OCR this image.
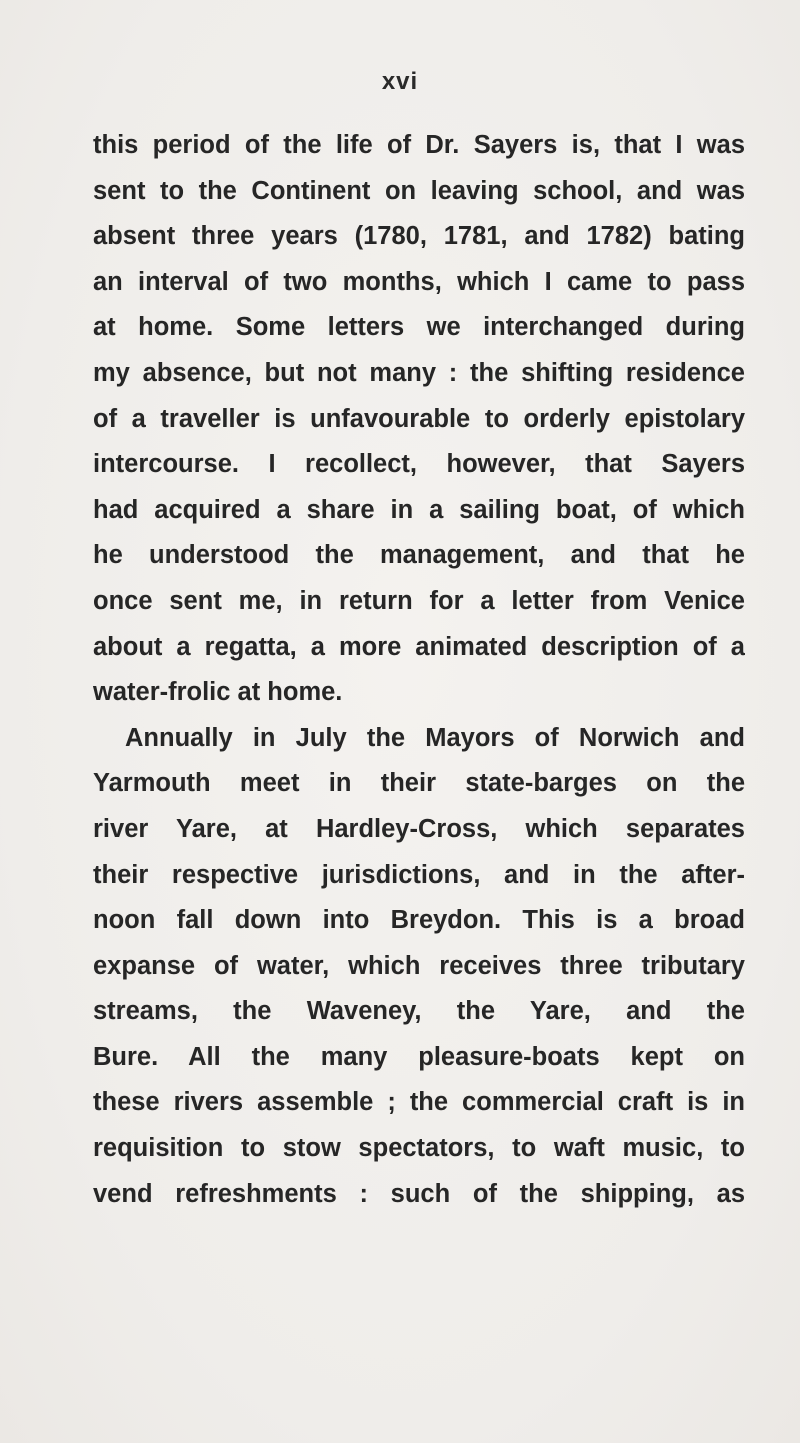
xvi
this period of the life of Dr. Sayers is, that I was
sent to the Continent on leaving school, and was
absent three years (1780, 1781, and 1782) bating
an interval of two months, which I came to pass
at home. Some letters we interchanged during
my absence, but not many : the shifting residence
of a traveller is unfavourable to orderly epistolary
intercourse. I recollect, however, that Sayers
had acquired a share in a sailing boat, of which
he understood the management, and that he
once sent me, in return for a letter from Venice
about a regatta, a more animated description of a
water-frolic at home.
Annually in July the Mayors of Norwich and
Yarmouth meet in their state-barges on the
river Yare, at Hardley-Cross, which separates
their respective jurisdictions, and in the after-
noon fall down into Breydon. This is a broad
expanse of water, which receives three tributary
streams, the Waveney, the Yare, and the
Bure. All the many pleasure-boats kept on
these rivers assemble ; the commercial craft is in
requisition to stow spectators, to waft music, to
vend refreshments : such of the shipping, as
